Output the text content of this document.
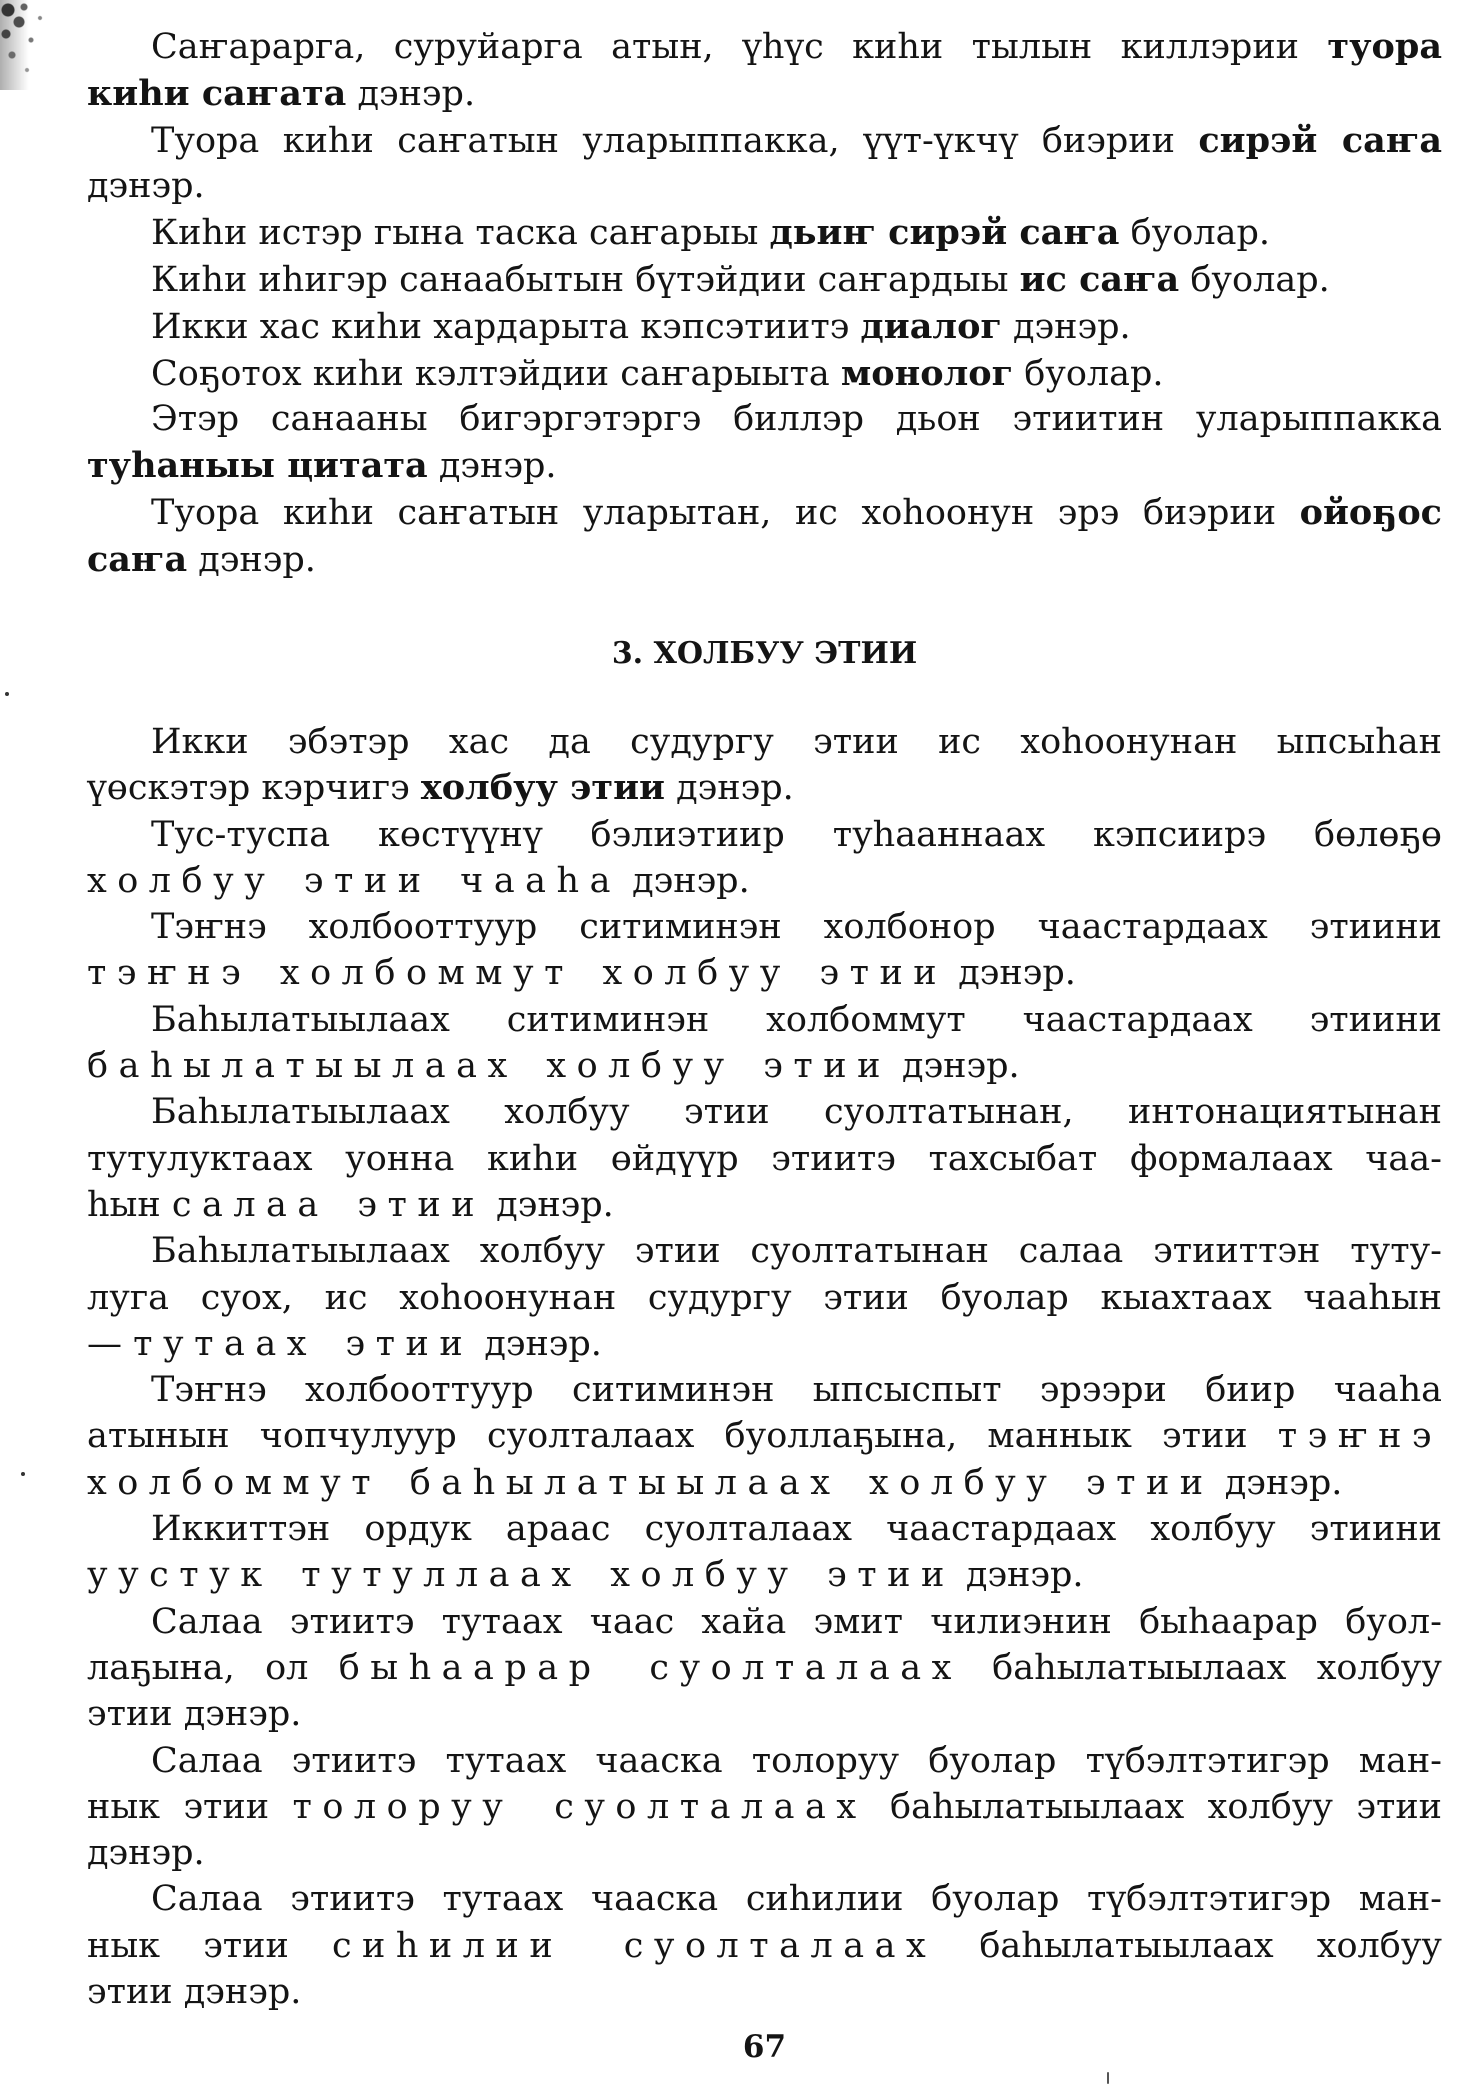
Саҥарарга, суруйарга атын, үһүс киһи тылын киллэрии туора
киһи саҥата дэнэр.
Туора киһи саҥатын уларыппакка, үүт-үкчү биэрии сирэй саҥа
дэнэр.
Киһи истэр гына таска саҥарыы дьиҥ сирэй саҥа буолар.
Киһи иһигэр санаабытын бүтэйдии саҥардыы ис саҥа буолар.
Икки хас киһи хардарыта кэпсэтиитэ диалог дэнэр.
Соҕотох киһи кэлтэйдии саҥарыыта монолог буолар.
Этэр санааны бигэргэтэргэ биллэр дьон этиитин уларыппакка
туһаныы цитата дэнэр.
Туора киһи саҥатын уларытан, ис хоһоонун эрэ биэрии ойоҕос
саҥа дэнэр.
3. ХОЛБУУ ЭТИИ
Икки эбэтэр хас да судургу этии ис хоһоонунан ыпсыһан
үөскэтэр кэрчигэ холбуу этии дэнэр.
Тус-туспа көстүүнү бэлиэтиир туһааннаах кэпсиирэ бөлөҕө
холбуу этии чааһа дэнэр.
Тэҥнэ холбооттуур ситиминэн холбонор чаастардаах этиини
тэҥнэ холбоммут холбуу этии дэнэр.
Баһылатыылаах ситиминэн холбоммут чаастардаах этиини
баһылатыылаах холбуу этии дэнэр.
Баһылатыылаах холбуу этии суолтатынан, интонациятынан
тутулуктаах уонна киһи өйдүүр этиитэ тахсыбат формалаах чаа-
һын салаа этии дэнэр.
Баһылатыылаах холбуу этии суолтатынан салаа этииттэн туту-
луга суох, ис хоһоонунан судургу этии буолар кыахтаах чааһын
— тутаах этии дэнэр.
Тэҥнэ холбооттуур ситиминэн ыпсыспыт эрээри биир чааһа
атынын чопчулуур суолталаах буоллаҕына, маннык этии тэҥнэ
холбоммут баһылатыылаах холбуу этии дэнэр.
Иккиттэн ордук араас суолталаах чаастардаах холбуу этиини
уустук тутуллаах холбуу этии дэнэр.
Салаа этиитэ тутаах чаас хайа эмит чилиэнин быһаарар буол-
лаҕына, ол быһаарар суолталаах баһылатыылаах холбуу
этии дэнэр.
Салаа этиитэ тутаах чааска толоруу буолар түбэлтэтигэр ман-
нык этии толоруу суолталаах баһылатыылаах холбуу этии
дэнэр.
Салаа этиитэ тутаах чааска сиһилии буолар түбэлтэтигэр ман-
нык этии сиһилии суолталаах баһылатыылаах холбуу
этии дэнэр.
67
